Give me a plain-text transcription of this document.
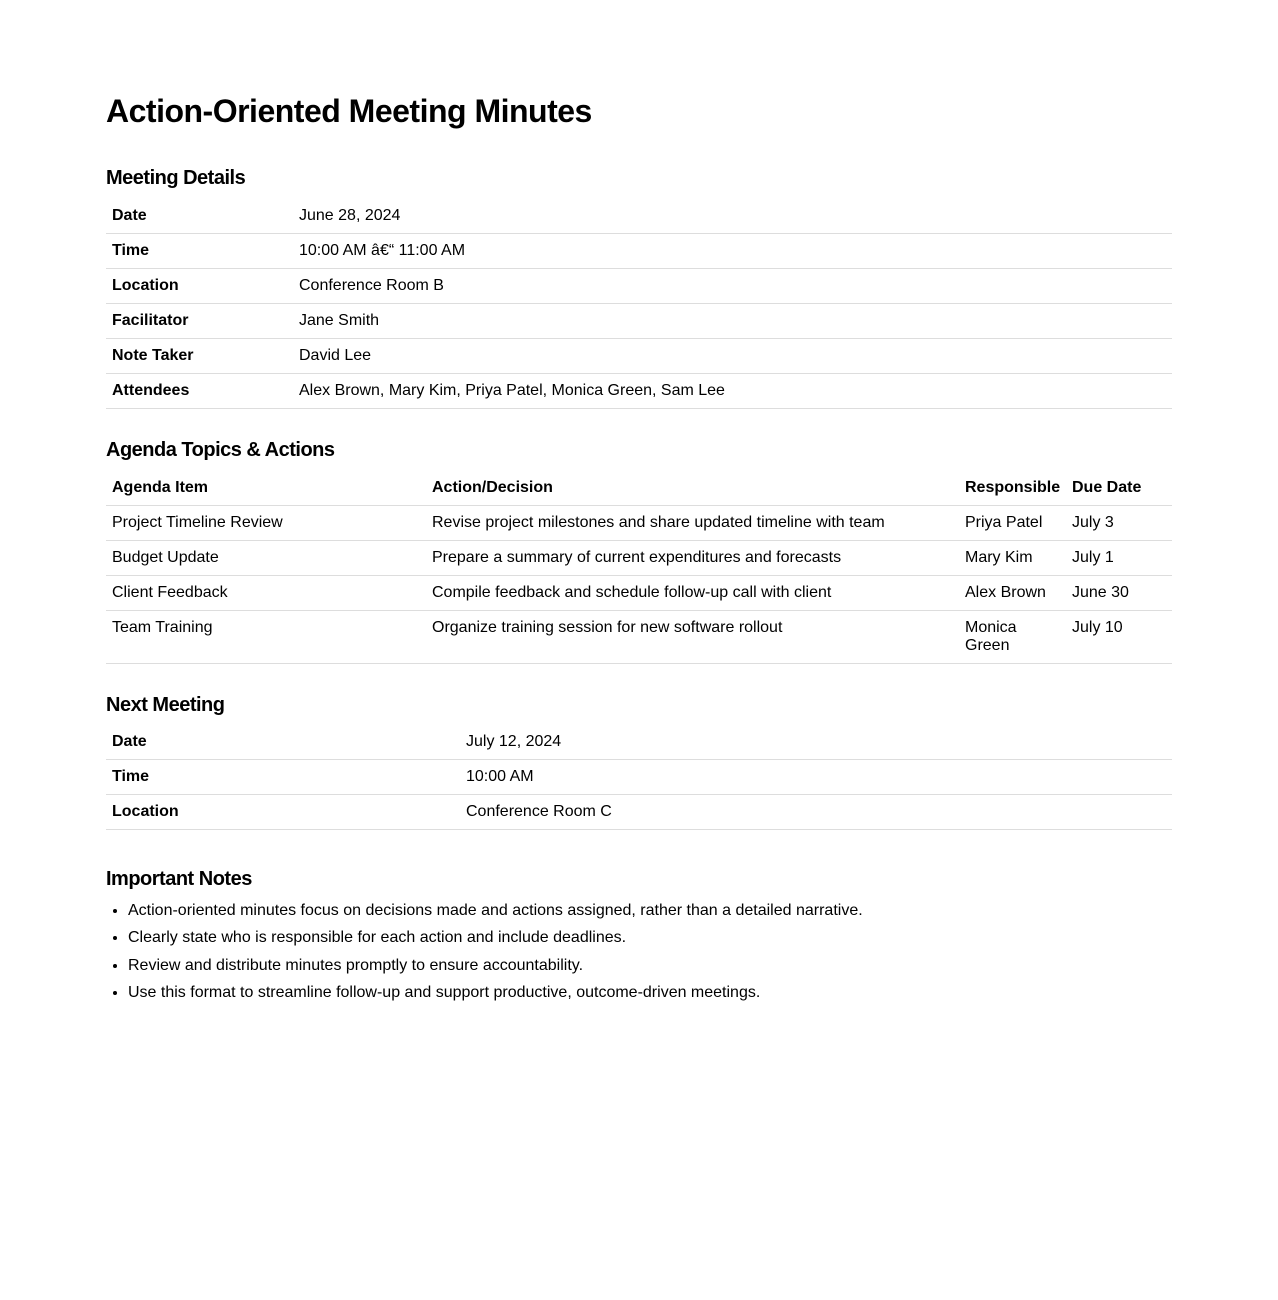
Action-Oriented Meeting Minutes
Meeting Details
Date	June 28, 2024
Time	10:00 AM â€“ 11:00 AM
Location	Conference Room B
Facilitator	Jane Smith
Note Taker	David Lee
Attendees	Alex Brown, Mary Kim, Priya Patel, Monica Green, Sam Lee
Agenda Topics & Actions
Agenda Item	Action/Decision	Responsible	Due Date
Project Timeline Review	Revise project milestones and share updated timeline with team	Priya Patel	July 3
Budget Update	Prepare a summary of current expenditures and forecasts	Mary Kim	July 1
Client Feedback	Compile feedback and schedule follow-up call with client	Alex Brown	June 30
Team Training	Organize training session for new software rollout	Monica Green	July 10
Next Meeting
Date	July 12, 2024
Time	10:00 AM
Location	Conference Room C
Important Notes
• Action-oriented minutes focus on decisions made and actions assigned, rather than a detailed narrative.
• Clearly state who is responsible for each action and include deadlines.
• Review and distribute minutes promptly to ensure accountability.
• Use this format to streamline follow-up and support productive, outcome-driven meetings.
